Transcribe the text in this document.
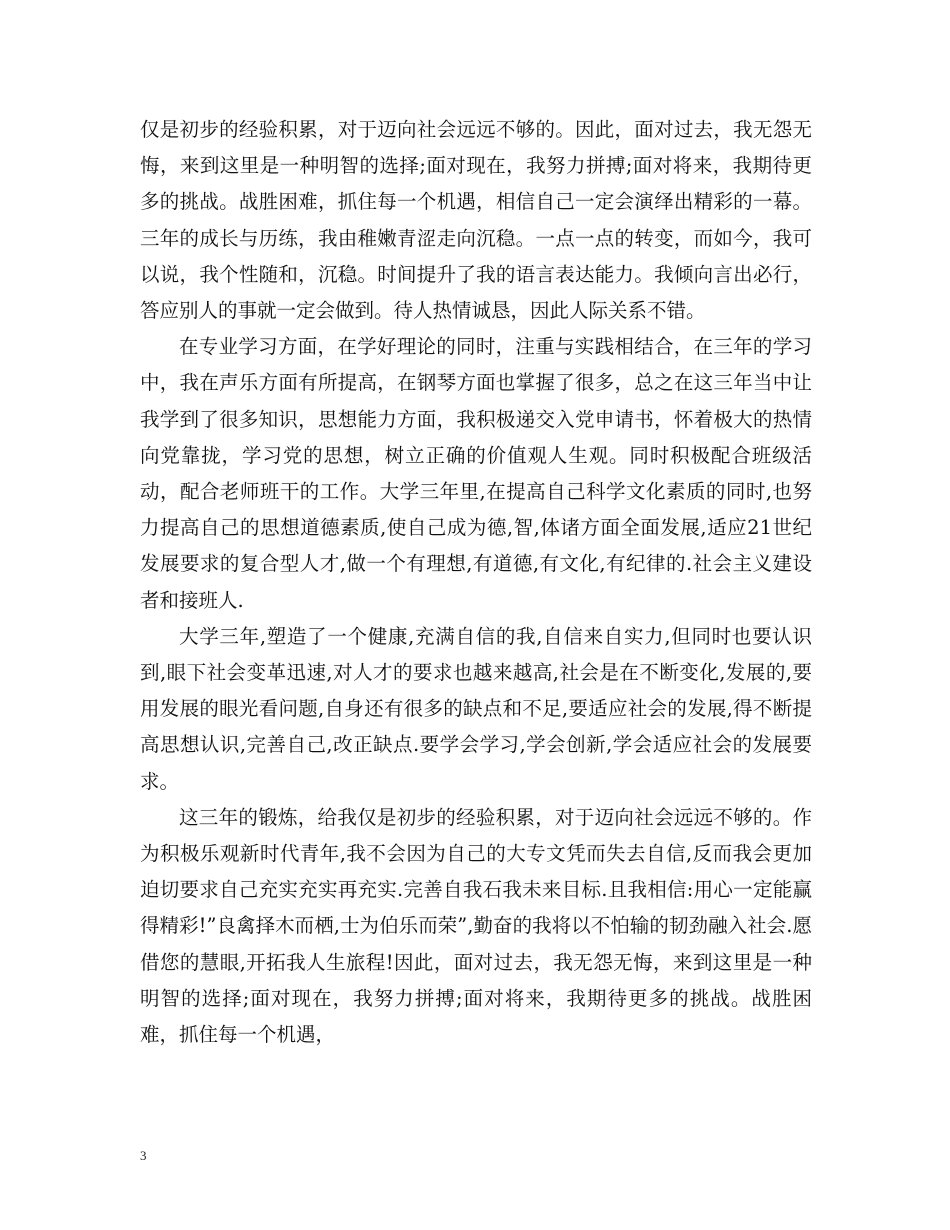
仅是初步的经验积累，对于迈向社会远远不够的。因此，面对过去，我无怨无悔，来到这里是一种明智的选择;面对现在，我努力拼搏;面对将来，我期待更多的挑战。战胜困难，抓住每一个机遇，相信自己一定会演绎出精彩的一幕。三年的成长与历练，我由稚嫩青涩走向沉稳。一点一点的转变，而如今，我可以说，我个性随和，沉稳。时间提升了我的语言表达能力。我倾向言出必行，答应别人的事就一定会做到。待人热情诚恳，因此人际关系不错。

在专业学习方面，在学好理论的同时，注重与实践相结合，在三年的学习中，我在声乐方面有所提高，在钢琴方面也掌握了很多，总之在这三年当中让我学到了很多知识，思想能力方面，我积极递交入党申请书，怀着极大的热情向党靠拢，学习党的思想，树立正确的价值观人生观。同时积极配合班级活动，配合老师班干的工作。大学三年里,在提高自己科学文化素质的同时,也努力提高自己的思想道德素质,使自己成为德,智,体诸方面全面发展,适应21世纪发展要求的复合型人才,做一个有理想,有道德,有文化,有纪律的.社会主义建设者和接班人.

大学三年,塑造了一个健康,充满自信的我,自信来自实力,但同时也要认识到,眼下社会变革迅速,对人才的要求也越来越高,社会是在不断变化,发展的,要用发展的眼光看问题,自身还有很多的缺点和不足,要适应社会的发展,得不断提高思想认识,完善自己,改正缺点.要学会学习,学会创新,学会适应社会的发展要求。

这三年的锻炼，给我仅是初步的经验积累，对于迈向社会远远不够的。作为积极乐观新时代青年,我不会因为自己的大专文凭而失去自信,反而我会更加迫切要求自己充实充实再充实.完善自我石我未来目标.且我相信:用心一定能赢得精彩!”良禽择木而栖,士为伯乐而荣”,勤奋的我将以不怕输的韧劲融入社会.愿借您的慧眼,开拓我人生旅程!因此，面对过去，我无怨无悔，来到这里是一种明智的选择;面对现在，我努力拼搏;面对将来，我期待更多的挑战。战胜困难，抓住每一个机遇，

3
